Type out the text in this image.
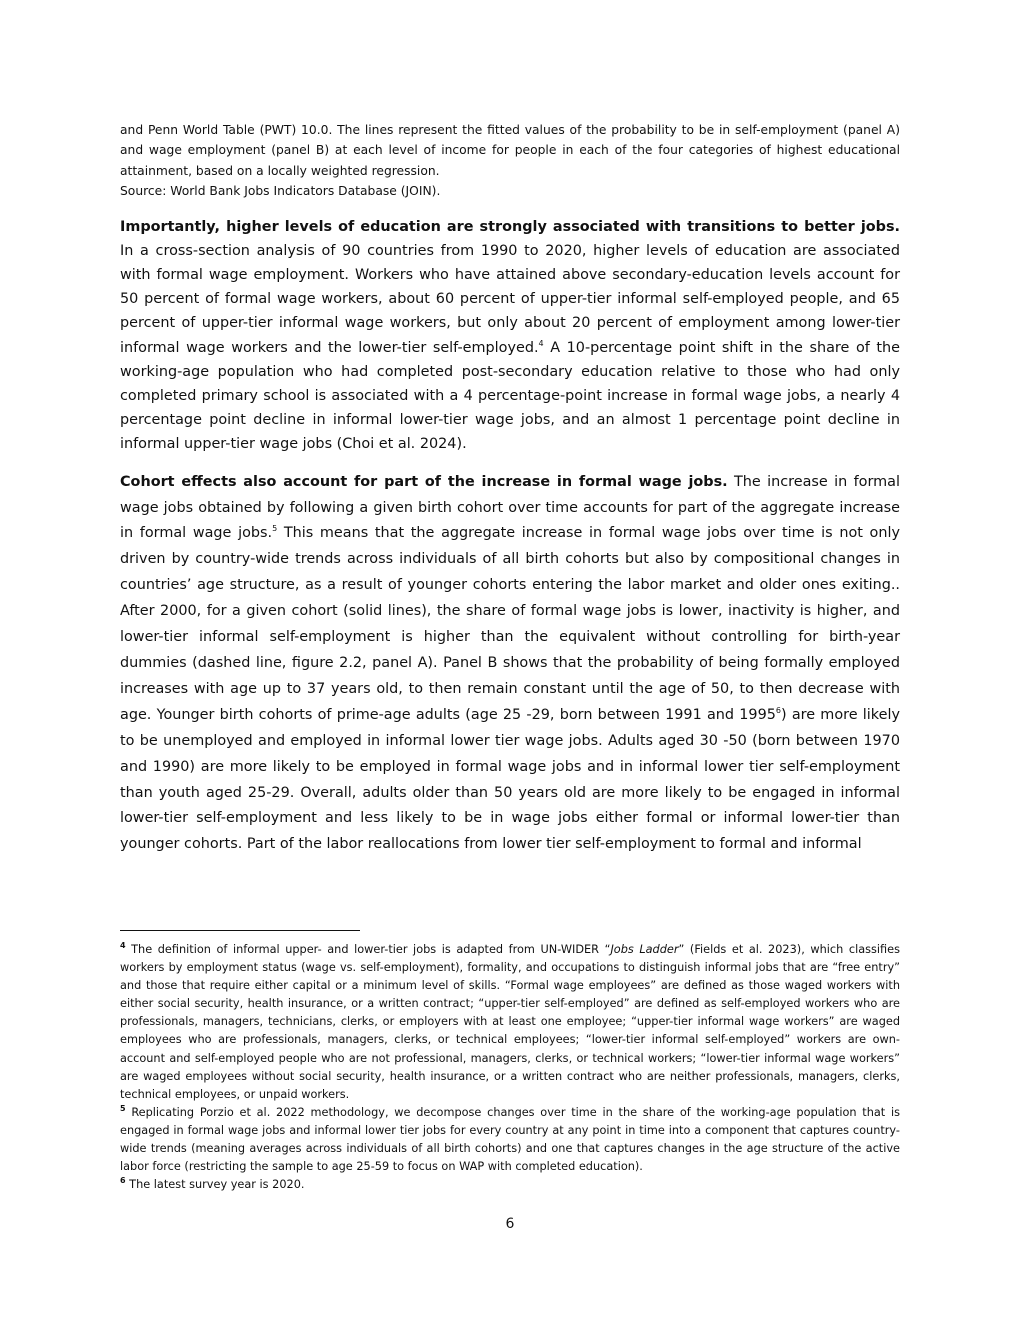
and Penn World Table (PWT) 10.0. The lines represent the fitted values of the probability to be in self-employment (panel A) and wage employment (panel B) at each level of income for people in each of the four categories of highest educational attainment, based on a locally weighted regression.

Source: World Bank Jobs Indicators Database (JOIN).

Importantly, higher levels of education are strongly associated with transitions to better jobs. In a cross-section analysis of 90 countries from 1990 to 2020, higher levels of education are associated with formal wage employment. Workers who have attained above secondary-education levels account for 50 percent of formal wage workers, about 60 percent of upper-tier informal self-employed people, and 65 percent of upper-tier informal wage workers, but only about 20 percent of employment among lower-tier informal wage workers and the lower-tier self-employed.$^4$ A 10-percentage point shift in the share of the working-age population who had completed post-secondary education relative to those who had only completed primary school is associated with a 4 percentage-point increase in formal wage jobs, a nearly 4 percentage point decline in informal lower-tier wage jobs, and an almost 1 percentage point decline in informal upper-tier wage jobs (Choi et al. 2024).

Cohort effects also account for part of the increase in formal wage jobs. The increase in formal wage jobs obtained by following a given birth cohort over time accounts for part of the aggregate increase in formal wage jobs.$^5$ This means that the aggregate increase in formal wage jobs over time is not only driven by country-wide trends across individuals of all birth cohorts but also by compositional changes in countries’ age structure, as a result of younger cohorts entering the labor market and older ones exiting.. After 2000, for a given cohort (solid lines), the share of formal wage jobs is lower, inactivity is higher, and lower-tier informal self-employment is higher than the equivalent without controlling for birth-year dummies (dashed line, figure 2.2, panel A). Panel B shows that the probability of being formally employed increases with age up to 37 years old, to then remain constant until the age of 50, to then decrease with age. Younger birth cohorts of prime-age adults (age 25 -29, born between 1991 and 1995$^6$) are more likely to be unemployed and employed in informal lower tier wage jobs. Adults aged 30 -50 (born between 1970 and 1990) are more likely to be employed in formal wage jobs and in informal lower tier self-employment than youth aged 25-29. Overall, adults older than 50 years old are more likely to be engaged in informal lower-tier self-employment and less likely to be in wage jobs either formal or informal lower-tier than younger cohorts. Part of the labor reallocations from lower tier self-employment to formal and informal

$^4$ The definition of informal upper- and lower-tier jobs is adapted from UN-WIDER “Jobs Ladder” (Fields et al. 2023), which classifies workers by employment status (wage vs. self-employment), formality, and occupations to distinguish informal jobs that are “free entry” and those that require either capital or a minimum level of skills. “Formal wage employees” are defined as those waged workers with either social security, health insurance, or a written contract; “upper-tier self-employed” are defined as self-employed workers who are professionals, managers, technicians, clerks, or employers with at least one employee; “upper-tier informal wage workers” are waged employees who are professionals, managers, clerks, or technical employees; “lower-tier informal self-employed” workers are own-account and self-employed people who are not professional, managers, clerks, or technical workers; “lower-tier informal wage workers” are waged employees without social security, health insurance, or a written contract who are neither professionals, managers, clerks, technical employees, or unpaid workers.

$^5$ Replicating Porzio et al. 2022 methodology, we decompose changes over time in the share of the working-age population that is engaged in formal wage jobs and informal lower tier jobs for every country at any point in time into a component that captures country-wide trends (meaning averages across individuals of all birth cohorts) and one that captures changes in the age structure of the active labor force (restricting the sample to age 25-59 to focus on WAP with completed education).

$^6$ The latest survey year is 2020.

6
